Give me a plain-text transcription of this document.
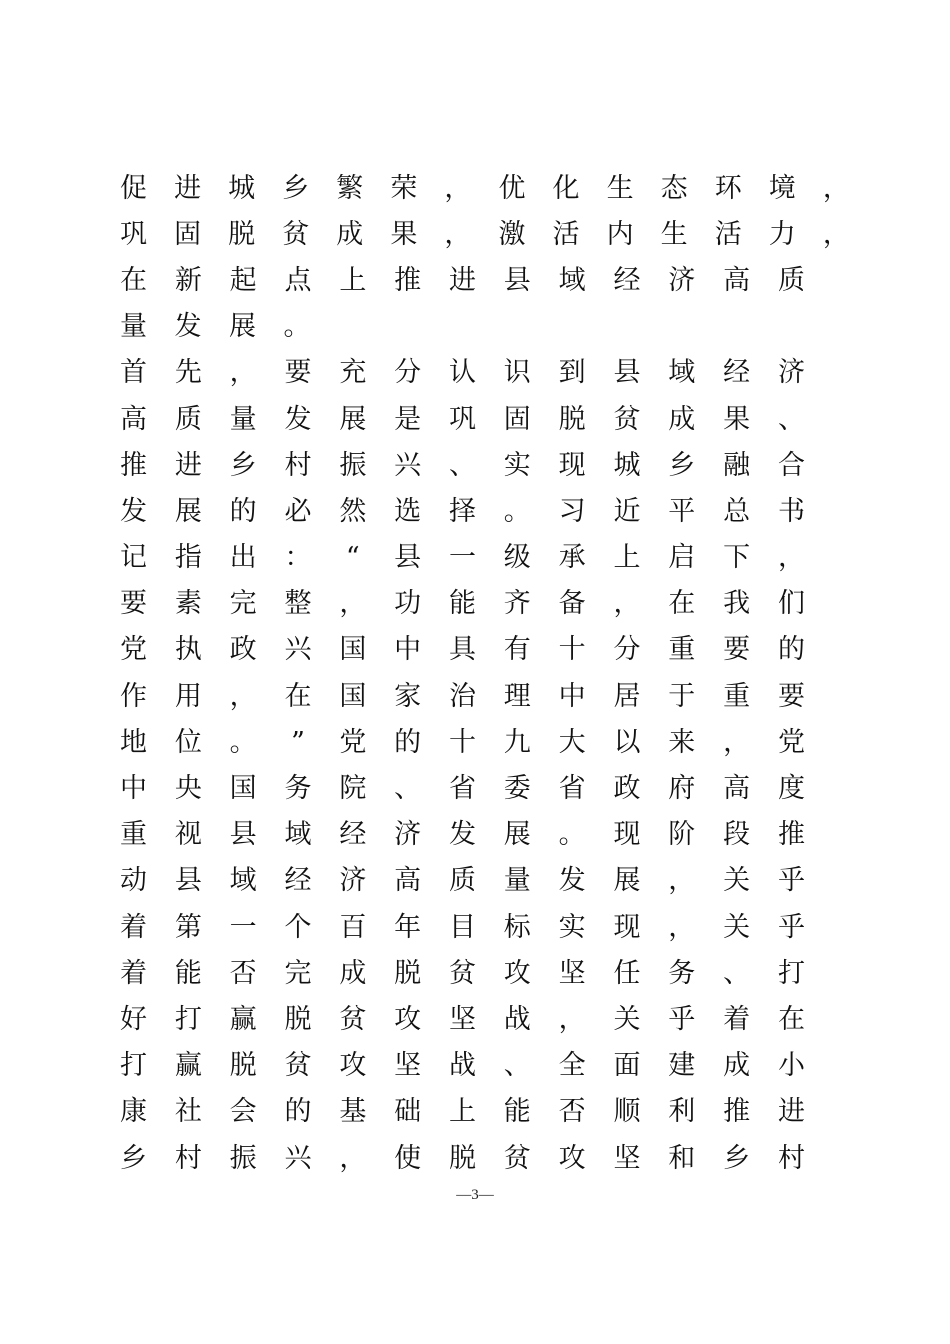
促 进 城 乡 繁 荣 ， 优 化 生 态 环 境 ，
巩 固 脱 贫 成 果 ， 激 活 内 生 活 力 ，
在 新 起 点 上 推 进 县 域 经 济 高 质
量 发 展 。
首 先 ， 要 充 分 认 识 到 县 域 经 济
高 质 量 发 展 是 巩 固 脱 贫 成 果 、
推 进 乡 村 振 兴 、 实 现 城 乡 融 合
发 展 的 必 然 选 择 。 习 近 平 总 书
记 指 出 ： “ 县 一 级 承 上 启 下 ，
要 素 完 整 ， 功 能 齐 备 ， 在 我 们
党 执 政 兴 国 中 具 有 十 分 重 要 的
作 用 ， 在 国 家 治 理 中 居 于 重 要
地 位 。 ” 党 的 十 九 大 以 来 ， 党
中 央 国 务 院 、 省 委 省 政 府 高 度
重 视 县 域 经 济 发 展 。 现 阶 段 推
动 县 域 经 济 高 质 量 发 展 ， 关 乎
着 第 一 个 百 年 目 标 实 现 ， 关 乎
着 能 否 完 成 脱 贫 攻 坚 任 务 、 打
好 打 赢 脱 贫 攻 坚 战 ， 关 乎 着 在
打 赢 脱 贫 攻 坚 战 、 全 面 建 成 小
康 社 会 的 基 础 上 能 否 顺 利 推 进
乡 村 振 兴 ， 使 脱 贫 攻 坚 和 乡 村
—3—
